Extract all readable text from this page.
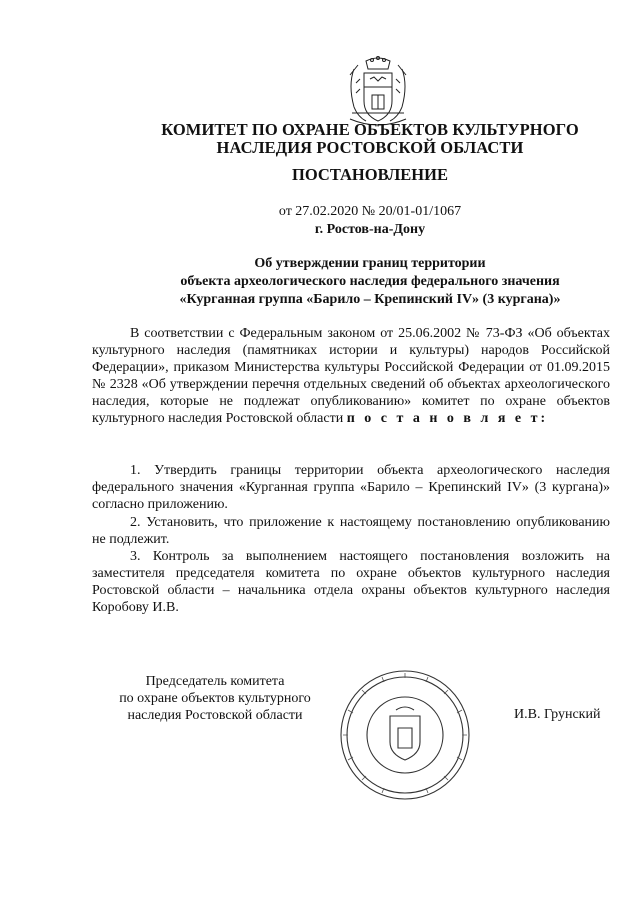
КОМИТЕТ ПО ОХРАНЕ ОБЪЕКТОВ КУЛЬТУРНОГО
НАСЛЕДИЯ РОСТОВСКОЙ ОБЛАСТИ
ПОСТАНОВЛЕНИЕ
от 27.02.2020 № 20/01-01/1067
г. Ростов-на-Дону
Об утверждении границ территории
объекта археологического наследия федерального значения
«Курганная группа «Барило – Крепинский IV» (3 кургана)»
В соответствии с Федеральным законом от 25.06.2002 № 73-ФЗ «Об объектах культурного наследия (памятниках истории и культуры) народов Российской Федерации», приказом Министерства культуры Российской Федерации от 01.09.2015 № 2328 «Об утверждении перечня отдельных сведений об объектах археологического наследия, которые не подлежат опубликованию» комитет по охране объектов культурного наследия Ростовской области п о с т а н о в л я е т:
1. Утвердить границы территории объекта археологического наследия федерального значения «Курганная группа «Барило – Крепинский IV» (3 кургана)» согласно приложению.
2. Установить, что приложение к настоящему постановлению опубликованию не подлежит.
3. Контроль за выполнением настоящего постановления возложить на заместителя председателя комитета по охране объектов культурного наследия Ростовской области – начальника отдела охраны объектов культурного наследия Коробову И.В.
Председатель комитета
по охране объектов культурного
наследия Ростовской области	И.В. Грунский
